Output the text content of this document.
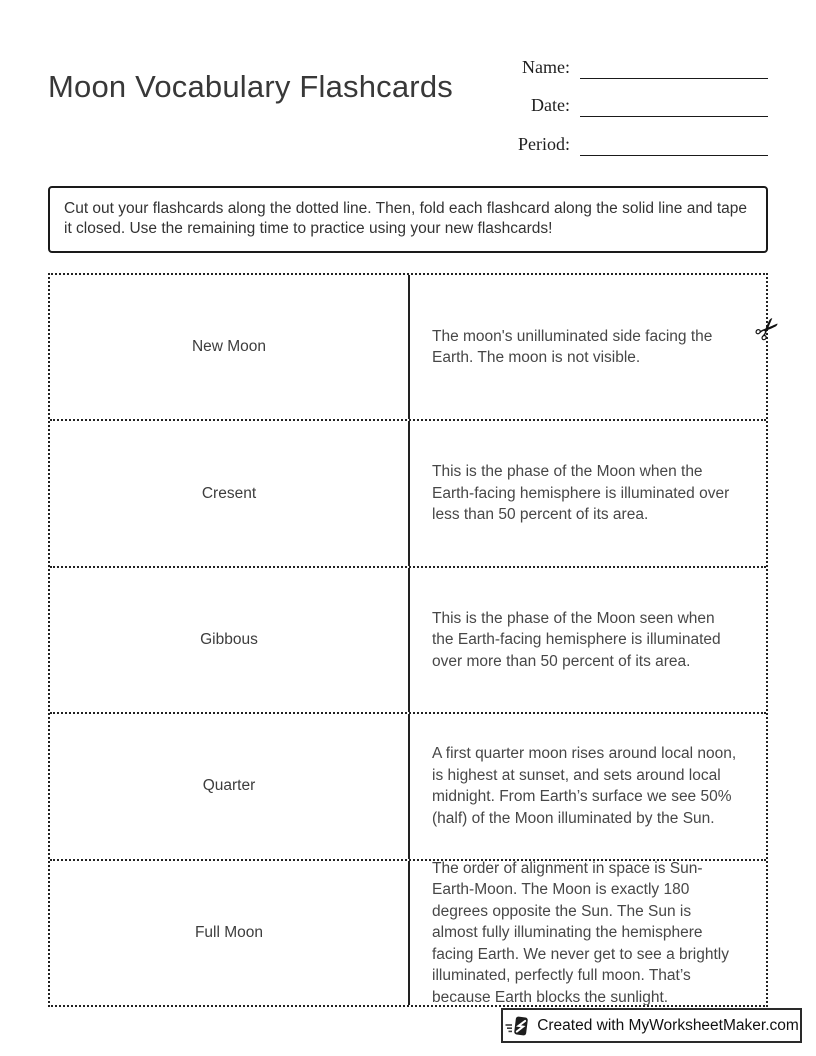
Moon Vocabulary Flashcards
Name:
Date:
Period:
Cut out your flashcards along the dotted line. Then, fold each flashcard along the solid line and tape it closed. Use the remaining time to practice using your new flashcards!
New Moon
The moon's unilluminated side facing the Earth. The moon is not visible.
Cresent
This is the phase of the Moon when the Earth-facing hemisphere is illuminated over less than 50 percent of its area.
Gibbous
This is the phase of the Moon seen when the Earth-facing hemisphere is illuminated over more than 50 percent of its area.
Quarter
A first quarter moon rises around local noon, is highest at sunset, and sets around local midnight. From Earth’s surface we see 50% (half) of the Moon illuminated by the Sun.
Full Moon
The order of alignment in space is Sun-Earth-Moon. The Moon is exactly 180 degrees opposite the Sun. The Sun is almost fully illuminating the hemisphere facing Earth. We never get to see a brightly illuminated, perfectly full moon. That’s because Earth blocks the sunlight.
✂
Created with MyWorksheetMaker.com
